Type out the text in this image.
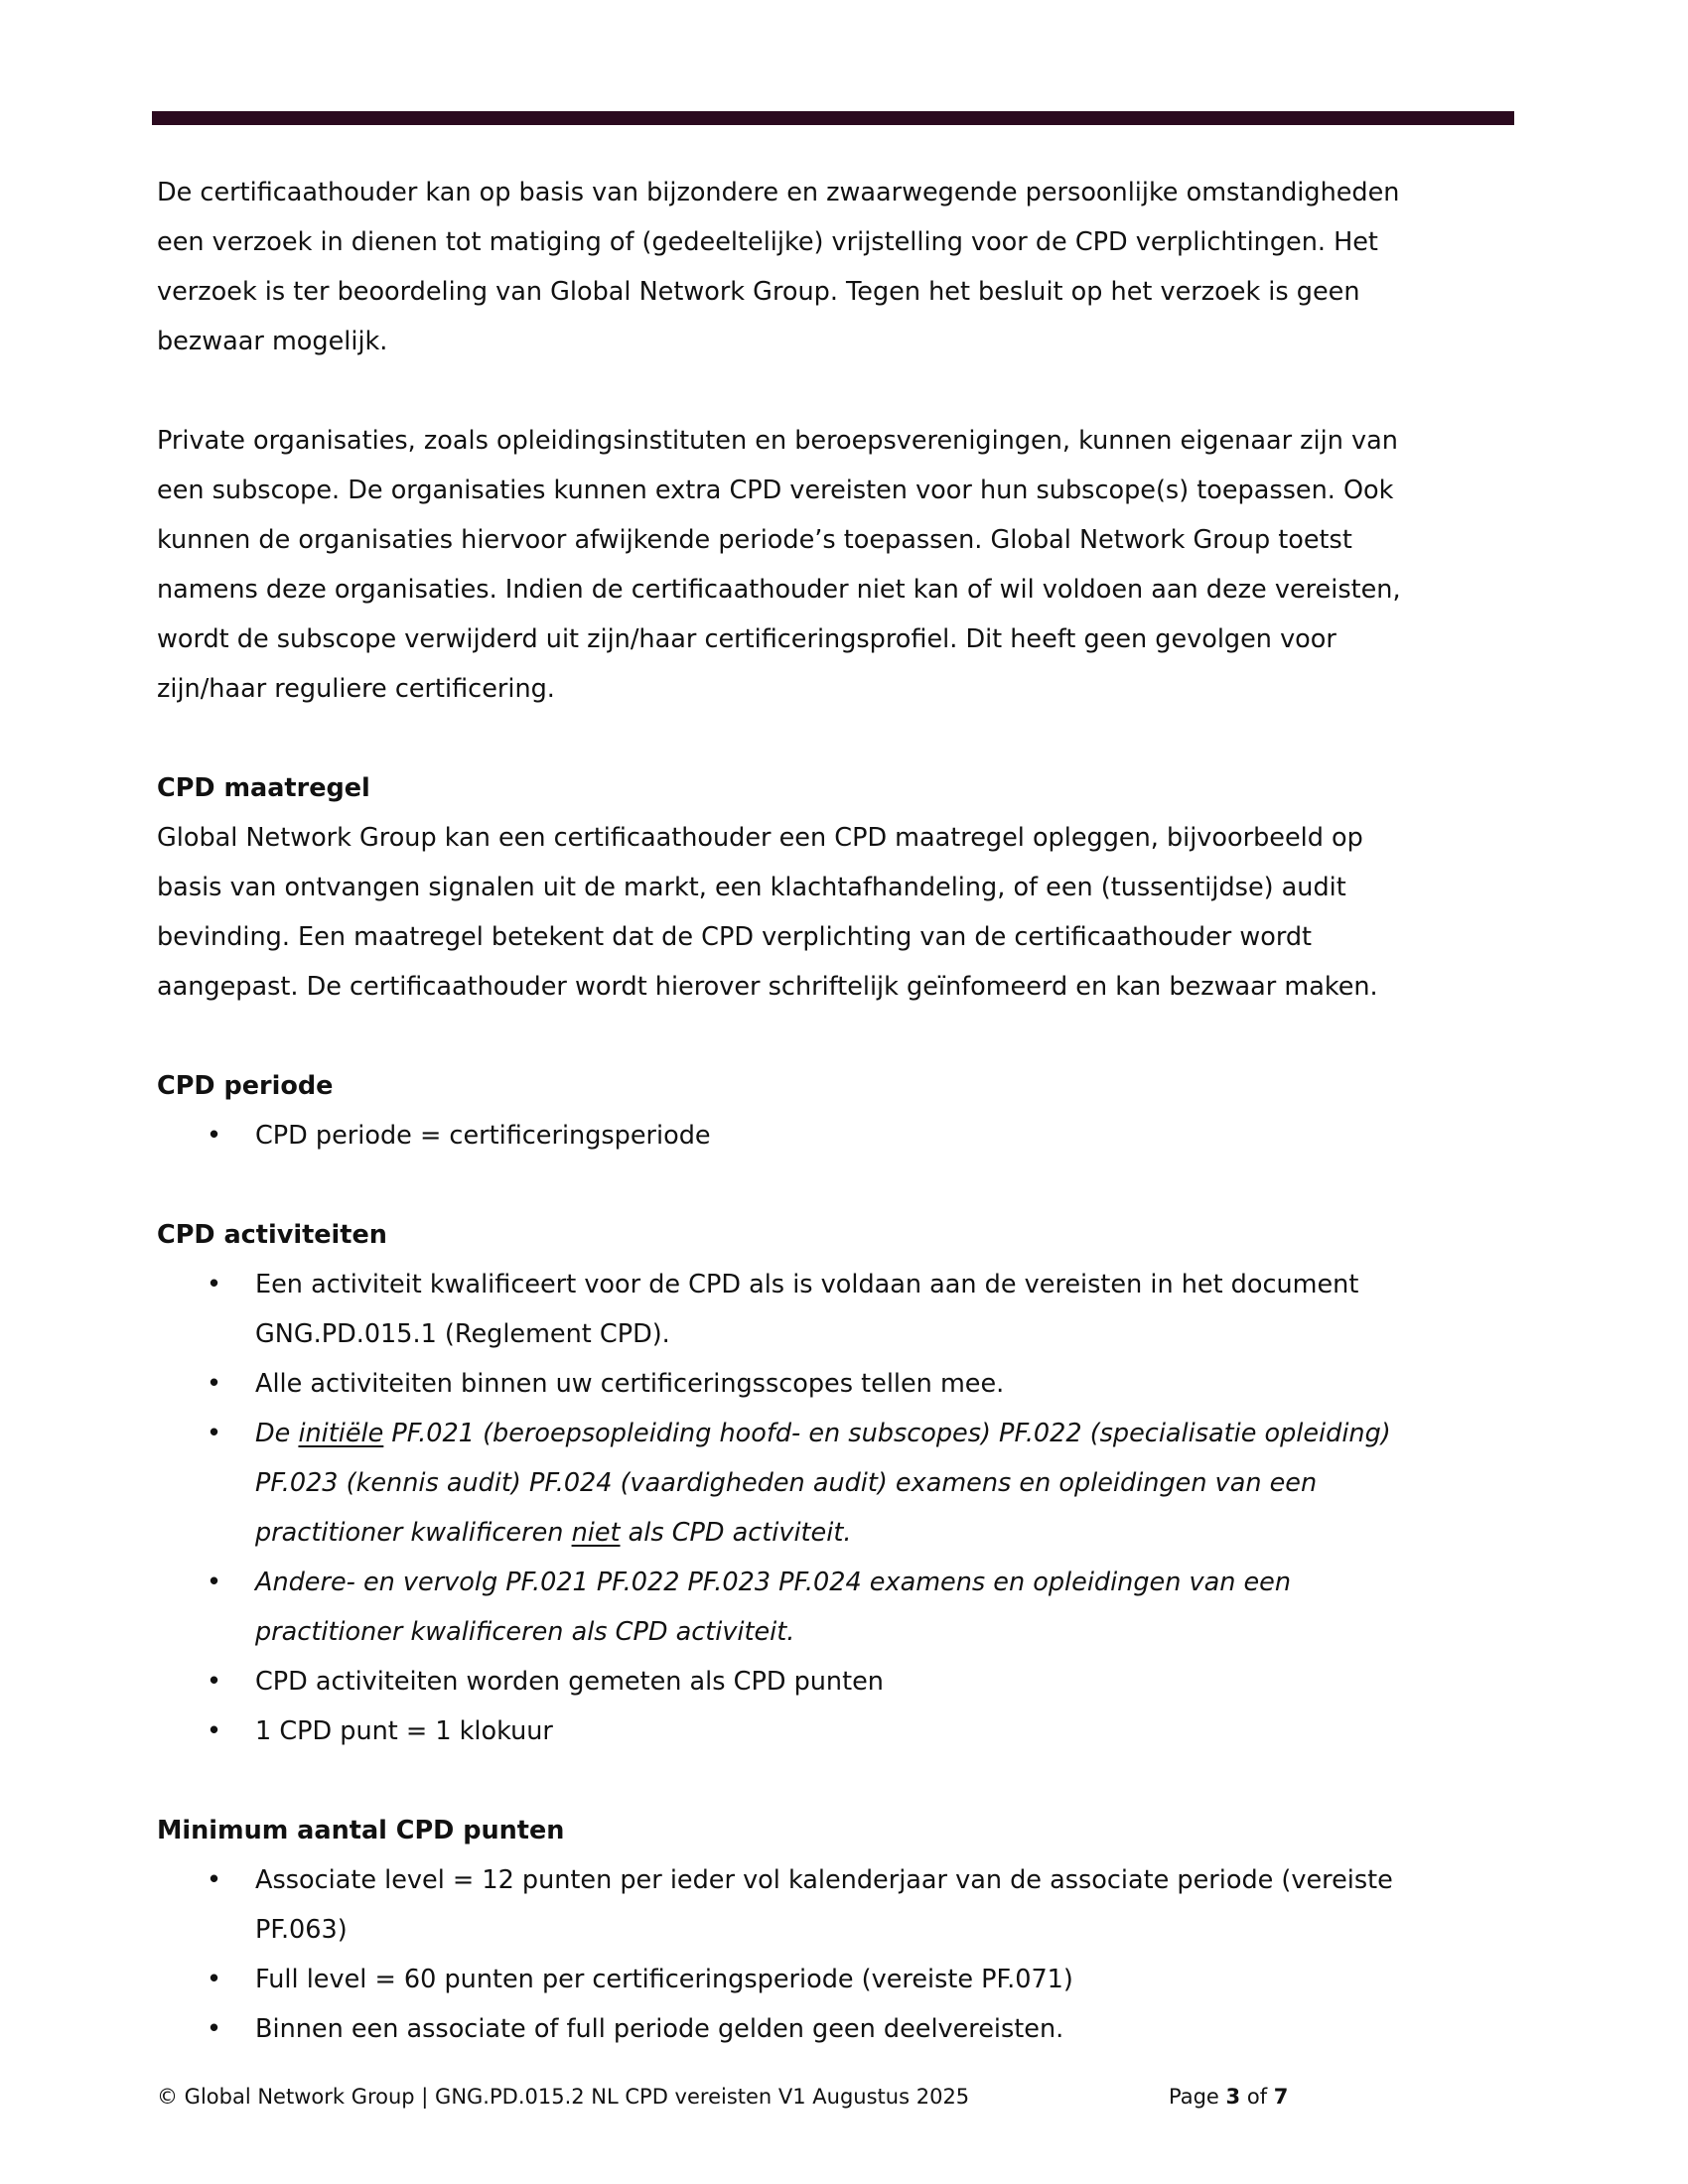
De certificaathouder kan op basis van bijzondere en zwaarwegende persoonlijke omstandigheden
een verzoek in dienen tot matiging of (gedeeltelijke) vrijstelling voor de CPD verplichtingen. Het
verzoek is ter beoordeling van Global Network Group. Tegen het besluit op het verzoek is geen
bezwaar mogelijk.
Private organisaties, zoals opleidingsinstituten en beroepsverenigingen, kunnen eigenaar zijn van
een subscope. De organisaties kunnen extra CPD vereisten voor hun subscope(s) toepassen. Ook
kunnen de organisaties hiervoor afwijkende periode’s toepassen. Global Network Group toetst
namens deze organisaties. Indien de certificaathouder niet kan of wil voldoen aan deze vereisten,
wordt de subscope verwijderd uit zijn/haar certificeringsprofiel. Dit heeft geen gevolgen voor
zijn/haar reguliere certificering.
CPD maatregel
Global Network Group kan een certificaathouder een CPD maatregel opleggen, bijvoorbeeld op
basis van ontvangen signalen uit de markt, een klachtafhandeling, of een (tussentijdse) audit
bevinding. Een maatregel betekent dat de CPD verplichting van de certificaathouder wordt
aangepast. De certificaathouder wordt hierover schriftelijk geïnfomeerd en kan bezwaar maken.
CPD periode
• CPD periode = certificeringsperiode
CPD activiteiten
• Een activiteit kwalificeert voor de CPD als is voldaan aan de vereisten in het document
GNG.PD.015.1 (Reglement CPD).
• Alle activiteiten binnen uw certificeringsscopes tellen mee.
• De initiële PF.021 (beroepsopleiding hoofd- en subscopes) PF.022 (specialisatie opleiding)
PF.023 (kennis audit) PF.024 (vaardigheden audit) examens en opleidingen van een
practitioner kwalificeren niet als CPD activiteit.
• Andere- en vervolg PF.021 PF.022 PF.023 PF.024 examens en opleidingen van een
practitioner kwalificeren als CPD activiteit.
• CPD activiteiten worden gemeten als CPD punten
• 1 CPD punt = 1 klokuur
Minimum aantal CPD punten
• Associate level = 12 punten per ieder vol kalenderjaar van de associate periode (vereiste
PF.063)
• Full level = 60 punten per certificeringsperiode (vereiste PF.071)
• Binnen een associate of full periode gelden geen deelvereisten.
© Global Network Group | GNG.PD.015.2 NL CPD vereisten V1 Augustus 2025	Page 3 of 7
